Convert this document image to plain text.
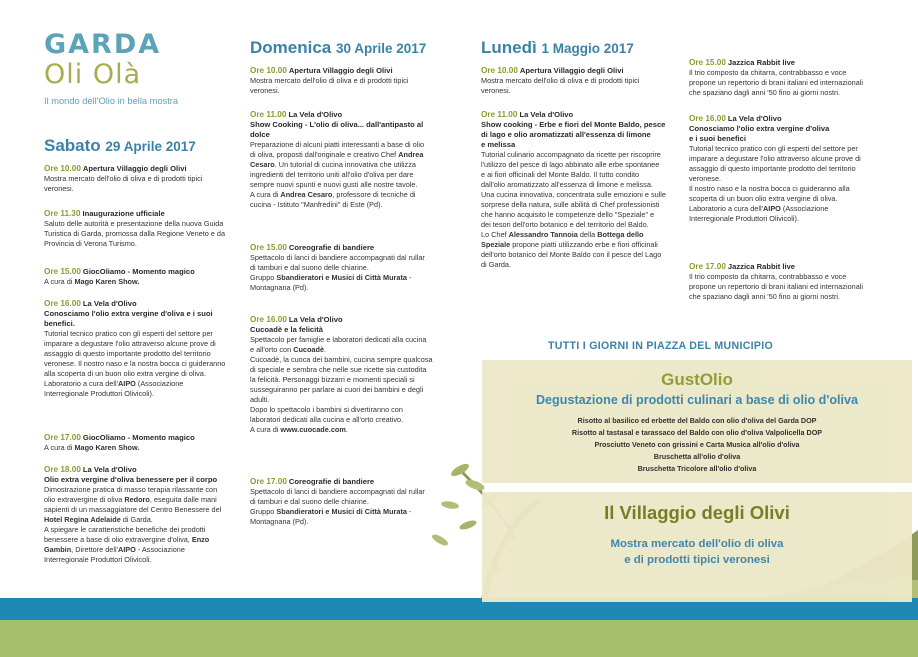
GARDA
Oli Olà
Il mondo dell'Olio in bella mostra
Sabato 29 Aprile 2017
Ore 10.00 Apertura Villaggio degli Olivi
Mostra mercato dell'olio di oliva e di prodotti tipici
veronesi.
Ore 11.30 Inaugurazione ufficiale
Saluto delle autorità e presentazione della nuova Guida
Turistica di Garda, promossa dalla Regione Veneto e da
Provincia di Verona Turismo.
Ore 15.00 GiocOliamo - Momento magico
A cura di Mago Karen Show.
Ore 16.00 La Vela d'Olivo
Conosciamo l'olio extra vergine d'oliva e i suoi
benefici.
Tutorial tecnico pratico con gli esperti del settore per
imparare a degustare l'olio attraverso alcune prove di
assaggio di questo importante prodotto del territorio
veronese. Il nostro naso e la nostra bocca ci guideranno
alla scoperta di un buon olio extra vergine di oliva.
Laboratorio a cura dell'AIPO (Associazione
Interregionale Produttori Olivicoli).
Ore 17.00 GiocOliamo - Momento magico
A cura di Mago Karen Show.
Ore 18.00 La Vela d'Olivo
Olio extra vergine d'oliva benessere per il corpo
Dimostrazione pratica di masso terapia rilassante con
olio extravergine di oliva Redoro, eseguita dalle mani
sapienti di un massaggiatore del Centro Benessere del
Hotel Regina Adelaide di Garda.
A spiegare le caratteristiche benefiche dei prodotti
benessere a base di olio extravergine d'oliva, Enzo
Gambin, Direttore dell'AIPO - Associazione
Interregionale Produttori Olivicoli.
Domenica 30 Aprile 2017
Ore 10.00 Apertura Villaggio degli Olivi
Mostra mercato dell'olio di oliva e di prodotti tipici
veronesi.
Ore 11.00 La Vela d'Olivo
Show Cooking - L'olio di oliva... dall'antipasto al
dolce
Preparazione di alcuni piatti interessanti a base di olio
di oliva, proposti dall'originale e creativo Chef Andrea
Cesaro. Un tutorial di cucina innovativa che utilizza
ingredienti del territorio uniti all'olio d'oliva per dare
sempre nuovi spunti e nuovi gusti alle nostre tavole.
A cura di Andrea Cesaro, professore di tecniche di
cucina - Istituto "Manfredini" di Este (Pd).
Ore 15.00 Coreografie di bandiere
Spettacolo di lanci di bandiere accompagnati dal rullar
di tamburi e dal suono delle chiarine.
Gruppo Sbandieratori e Musici di Città Murata -
Montagnana (Pd).
Ore 16.00 La Vela d'Olivo
Cucoadè e la felicità
Spettacolo per famiglie e laboratori dedicati alla cucina
e all'orto con Cucoadè.
Cucoadè, la cuoca dei bambini, cucina sempre qualcosa
di speciale e sembra che nelle sue ricette sia custodita
la felicità. Personaggi bizzarri e momenti speciali si
susseguiranno per parlare ai cuori dei bambini e degli
adulti.
Dopo lo spettacolo i bambini si divertiranno con
laboratori dedicati alla cucina e all'orto creativo.
A cura di www.cuocade.com.
Ore 17.00 Coreografie di bandiere
Spettacolo di lanci di bandiere accompagnati dal rullar
di tamburi e dal suono delle chiarine.
Gruppo Sbandieratori e Musici di Città Murata -
Montagnana (Pd).
Lunedì 1 Maggio 2017
Ore 10.00 Apertura Villaggio degli Olivi
Mostra mercato dell'olio di oliva e di prodotti tipici
veronesi.
Ore 11.00 La Vela d'Olivo
Show cooking - Erbe e fiori del Monte Baldo, pesce
di lago e olio aromatizzati all'essenza di limone
e melissa
Tutorial culinario accompagnato da ricette per riscoprire
l'utilizzo del pesce di lago abbinato alle erbe spontanee
e ai fiori officinali del Monte Baldo. Il tutto condito
dall'olio aromatizzato all'essenza di limone e melissa.
Una cucina innovativa, concentrata sulle emozioni e sulle
sorprese della natura, sulle abilità di Chef professionisti
che hanno acquisito le competenze dello "Speziale" e
dei tesori dell'orto botanico e del territorio del Baldo.
Lo Chef Alessandro Tannoia della Bottega dello
Speziale propone piatti utilizzando erbe e fiori officinali
dell'orto botanico del Monte Baldo con il pesce del Lago
di Garda.
Ore 15.00 Jazzica Rabbit live
Il trio composto da chitarra, contrabbasso e voce
propone un repertorio di brani italiani ed internazionali
che spaziano dagli anni '50 fino ai giorni nostri.
Ore 16.00 La Vela d'Olivo
Conosciamo l'olio extra vergine d'oliva
e i suoi benefici
Tutorial tecnico pratico con gli esperti del settore per
imparare a degustare l'olio attraverso alcune prove di
assaggio di questo importante prodotto del territorio
veronese.
Il nostro naso e la nostra bocca ci guideranno alla
scoperta di un buon olio extra vergine di oliva.
Laboratorio a cura dell'AIPO (Associazione
Interregionale Produttori Olivicoli).
Ore 17.00 Jazzica Rabbit live
Il trio composto da chitarra, contrabbasso e voce
propone un repertorio di brani italiani ed internazionali
che spaziano dagli anni '50 fino ai giorni nostri.
TUTTI I GIORNI IN PIAZZA DEL MUNICIPIO
GustOlio
Degustazione di prodotti culinari a base di olio d'oliva
Risotto al basilico ed erbette del Baldo con olio d'oliva del Garda DOP
Risotto al tastasal e tarassaco del Baldo con olio d'oliva Valpolicella DOP
Prosciutto Veneto con grissini e Carta Musica all'olio d'oliva
Bruschetta all'olio d'oliva
Bruschetta Tricolore all'olio d'oliva
Il Villaggio degli Olivi
Mostra mercato dell'olio di oliva
e di prodotti tipici veronesi
